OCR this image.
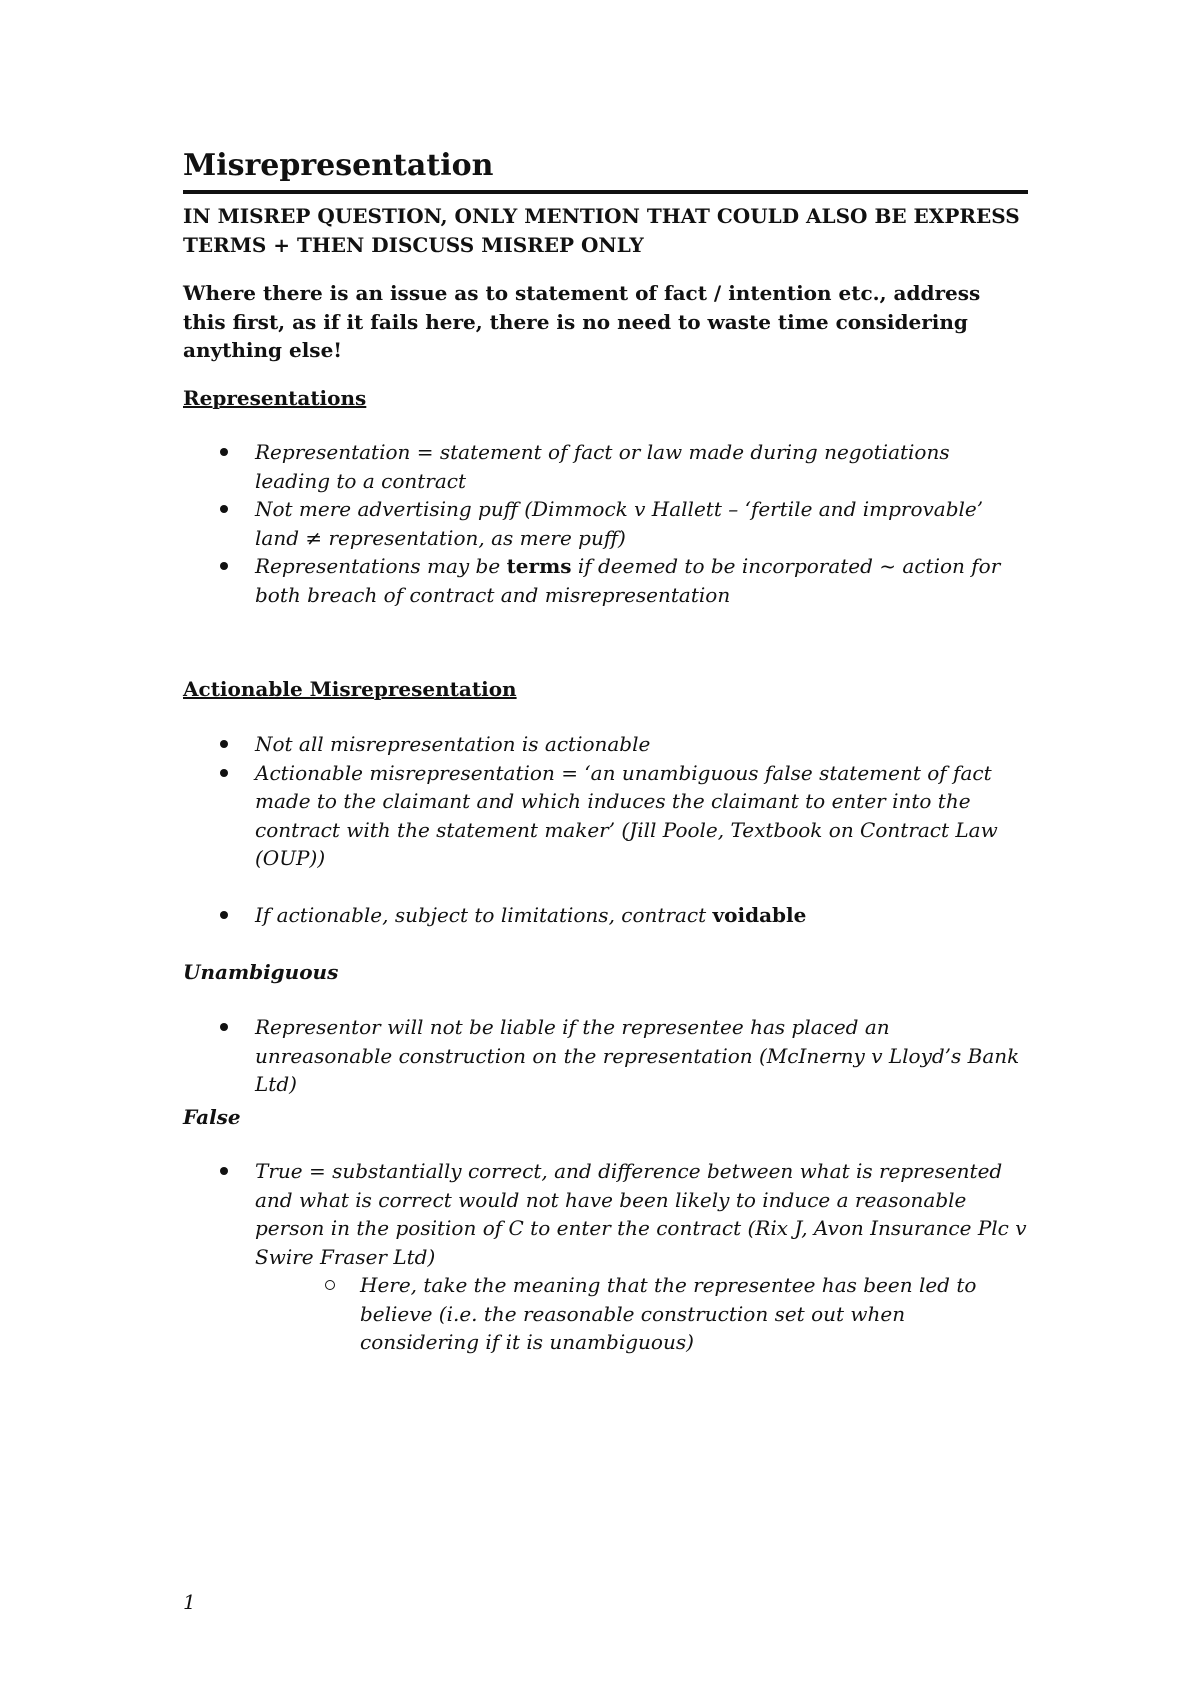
Misrepresentation
IN MISREP QUESTION, ONLY MENTION THAT COULD ALSO BE EXPRESS TERMS + THEN DISCUSS MISREP ONLY
Where there is an issue as to statement of fact / intention etc., address this first, as if it fails here, there is no need to waste time considering anything else!
Representations
Representation = statement of fact or law made during negotiations leading to a contract
Not mere advertising puff (Dimmock v Hallett – ‘fertile and improvable’ land ≠ representation, as mere puff)
Representations may be terms if deemed to be incorporated ~ action for both breach of contract and misrepresentation
Actionable Misrepresentation
Not all misrepresentation is actionable
Actionable misrepresentation = ‘an unambiguous false statement of fact made to the claimant and which induces the claimant to enter into the contract with the statement maker’ (Jill Poole, Textbook on Contract Law (OUP))
If actionable, subject to limitations, contract voidable
Unambiguous
Representor will not be liable if the representee has placed an unreasonable construction on the representation (McInerny v Lloyd’s Bank Ltd)
False
True = substantially correct, and difference between what is represented and what is correct would not have been likely to induce a reasonable person in the position of C to enter the contract (Rix J, Avon Insurance Plc v Swire Fraser Ltd)
Here, take the meaning that the representee has been led to believe (i.e. the reasonable construction set out when considering if it is unambiguous)
1
